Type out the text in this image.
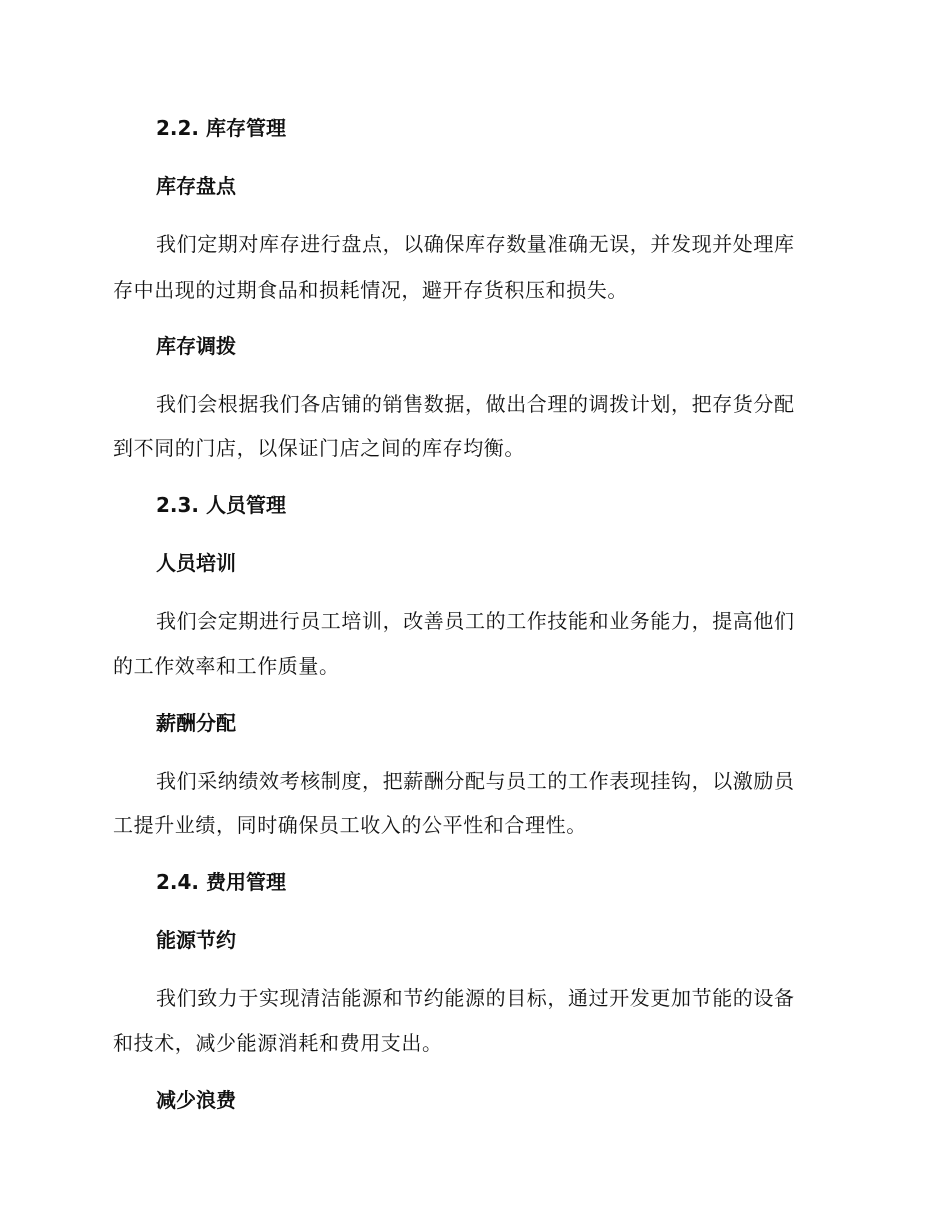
2.2. 库存管理
库存盘点
我们定期对库存进行盘点，以确保库存数量准确无误，并发现并处理库
存中出现的过期食品和损耗情况，避开存货积压和损失。
库存调拨
我们会根据我们各店铺的销售数据，做出合理的调拨计划，把存货分配
到不同的门店，以保证门店之间的库存均衡。
2.3. 人员管理
人员培训
我们会定期进行员工培训，改善员工的工作技能和业务能力，提高他们
的工作效率和工作质量。
薪酬分配
我们采纳绩效考核制度，把薪酬分配与员工的工作表现挂钩，以激励员
工提升业绩，同时确保员工收入的公平性和合理性。
2.4. 费用管理
能源节约
我们致力于实现清洁能源和节约能源的目标，通过开发更加节能的设备
和技术，减少能源消耗和费用支出。
减少浪费
